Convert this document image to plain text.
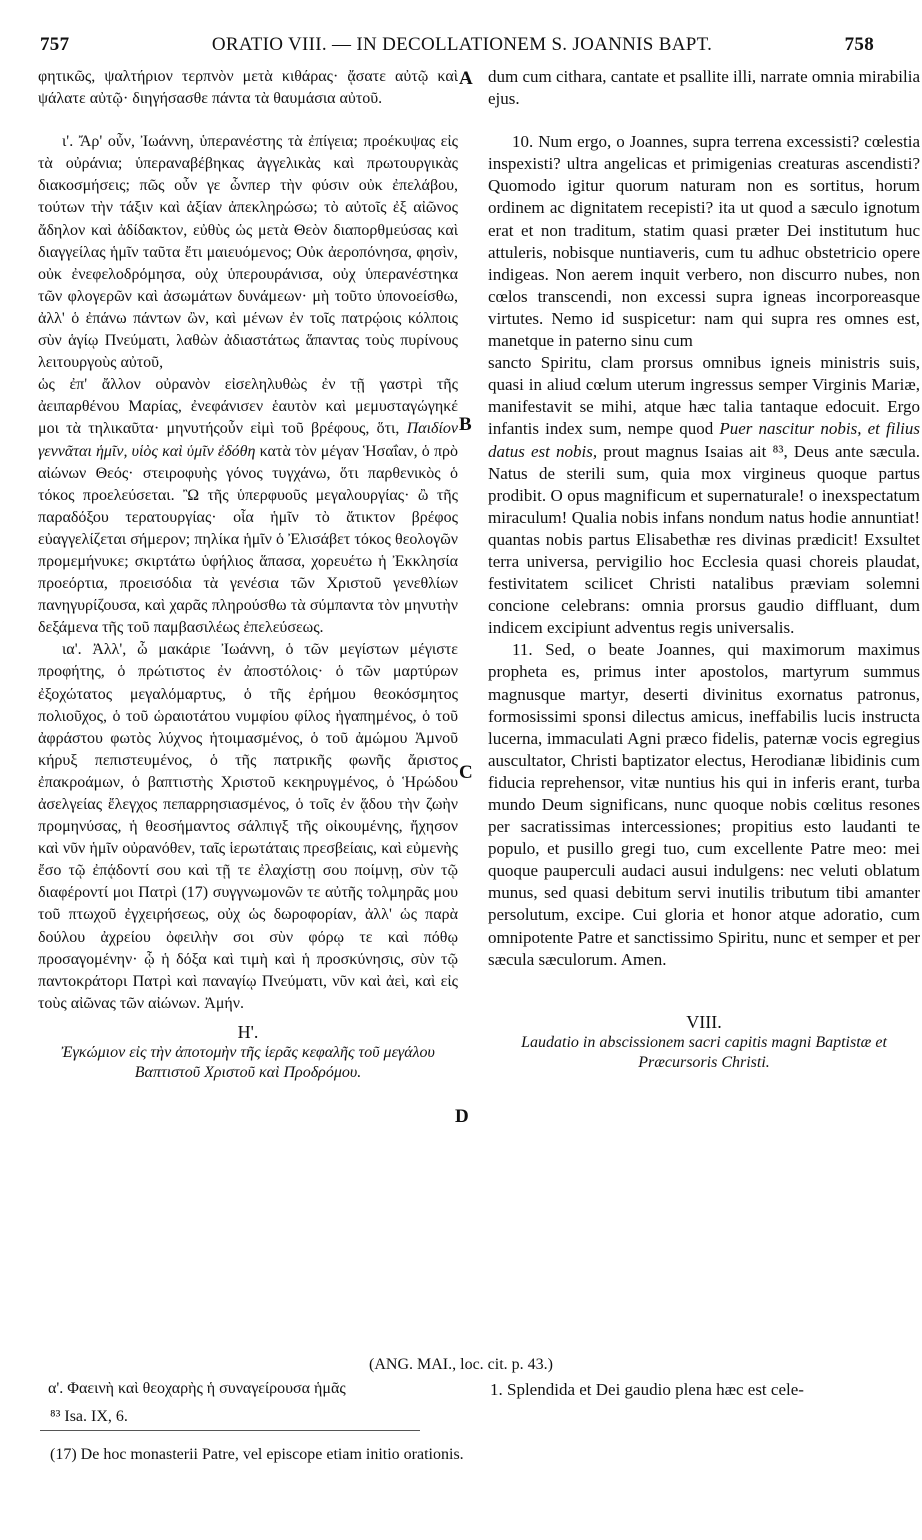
757	ORATIO VIII. — IN DECOLLATIONEM S. JOANNIS BAPT.	758
A
B
C
D

φητικῶς, ψαλτήριον τερπνὸν μετὰ κιθάρας· ᾄσατε αὐτῷ καὶ ψάλατε αὐτῷ· διηγήσασθε πάντα τὰ θαυμάσια αὐτοῦ.

ι'. Ἄρ' οὖν, Ἰωάννη, ὑπερανέστης τὰ ἐπίγεια; προέκυψας εἰς τὰ οὐράνια; ὑπεραναβέβηκας ἀγγελικὰς καὶ πρωτουργικὰς διακοσμήσεις; πῶς οὖν γε ὧνπερ τὴν φύσιν οὐκ ἐπελάβου, τούτων τὴν τάξιν καὶ ἀξίαν ἀπεκληρώσω; τὸ αὐτοῖς ἐξ αἰῶνος ἄδηλον καὶ ἀδίδακτον, εὐθὺς ὡς μετὰ Θεὸν διαπορθμεύσας καὶ διαγγείλας ἡμῖν ταῦτα ἔτι μαιευόμενος; Οὐκ ἀεροπόνησα, φησὶν, οὐκ ἐνεφελοδρόμησα, οὐχ ὑπερουράνισα, οὐχ ὑπερανέστηκα τῶν φλογερῶν καὶ ἀσωμάτων δυνάμεων· μὴ τοῦτο ὑπονοείσθω, ἀλλ' ὁ ἐπάνω πάντων ὢν, καὶ μένων ἐν τοῖς πατρῴοις κόλποις σὺν ἁγίῳ Πνεύματι, λαθὼν ἀδιαστάτως ἅπαντας τοὺς πυρίνους λειτουργοὺς αὐτοῦ,

ὡς ἐπ' ἄλλον οὐρανὸν εἰσεληλυθὼς ἐν τῇ γαστρὶ τῆς ἀειπαρθένου Μαρίας, ἐνεφάνισεν ἑαυτὸν καὶ μεμυσταγώγηκέ μοι τὰ τηλικαῦτα· μηνυτήςοὖν εἰμὶ τοῦ βρέφους, ὅτι, Παιδίον γεννᾶται ἡμῖν, υἱὸς καὶ ὑμῖν ἐδόθη κατὰ τὸν μέγαν Ἡσαΐαν, ὁ πρὸ αἰώνων Θεός· στειροφυὴς γόνος τυγχάνω, ὅτι παρθενικὸς ὁ τόκος προελεύσεται. Ὢ τῆς ὑπερφυοῦς μεγαλουργίας· ὢ τῆς παραδόξου τερατουργίας· οἷα ἡμῖν τὸ ἄτικτον βρέφος εὐαγγελίζεται σήμερον; πηλίκα ἡμῖν ὁ Ἐλισάβετ τόκος θεολογῶν προμεμήνυκε; σκιρτάτω ὑφήλιος ἅπασα, χορευέτω ἡ Ἐκκλησία προεόρτια, προεισόδια τὰ γενέσια τῶν Χριστοῦ γενεθλίων πανηγυρίζουσα, καὶ χαρᾶς πληρούσθω τὰ σύμπαντα τὸν μηνυτὴν δεξάμενα τῆς τοῦ παμβασιλέως ἐπελεύσεως.

ια'. Ἀλλ', ὦ μακάριε Ἰωάννη, ὁ τῶν μεγίστων μέγιστε προφήτης, ὁ πρώτιστος ἐν ἀποστόλοις· ὁ τῶν μαρτύρων ἐξοχώτατος μεγαλόμαρτυς, ὁ τῆς ἐρήμου θεοκόσμητος πολιοῦχος, ὁ τοῦ ὡραιοτάτου νυμφίου φίλος ἠγαπημένος, ὁ τοῦ ἀφράστου φωτὸς λύχνος ἡτοιμασμένος, ὁ τοῦ ἀμώμου Ἀμνοῦ κήρυξ πεπιστευμένος, ὁ τῆς πατρικῆς φωνῆς ἄριστος ἐπακροάμων, ὁ βαπτιστὴς Χριστοῦ κεκηρυγμένος, ὁ Ἡρώδου ἀσελγείας ἔλεγχος πεπαρρησιασμένος, ὁ τοῖς ἐν ᾅδου τὴν ζωὴν προμηνύσας, ἡ θεοσήμαντος σάλπιγξ τῆς οἰκουμένης, ἤχησον καὶ νῦν ἡμῖν οὐρανόθεν, ταῖς ἱερωτάταις πρεσβείαις, καὶ εὐμενὴς ἔσο τῷ ἐπᾴδοντί σου καὶ τῇ τε ἐλαχίστῃ σου ποίμνῃ, σὺν τῷ διαφέροντί μοι Πατρὶ (17) συγγνωμονῶν τε αὐτῆς τολμηρᾶς μου τοῦ πτωχοῦ ἐγχειρήσεως, οὐχ ὡς δωροφορίαν, ἀλλ' ὡς παρὰ δούλου ἀχρείου ὀφειλὴν σοι σὺν φόρῳ τε καὶ πόθῳ προσαγομένην· ᾧ ἡ δόξα καὶ τιμὴ καὶ ἡ προσκύνησις, σὺν τῷ παντοκράτορι Πατρὶ καὶ παναγίῳ Πνεύματι, νῦν καὶ ἀεὶ, καὶ εἰς τοὺς αἰῶνας τῶν αἰώνων. Ἀμήν.

Η'.

Ἐγκώμιον εἰς τὴν ἀποτομὴν τῆς ἱερᾶς κεφαλῆς τοῦ μεγάλου Βαπτιστοῦ Χριστοῦ καὶ Προδρόμου.

dum cum cithara, cantate et psallite illi, narrate omnia mirabilia ejus.

10. Num ergo, o Joannes, supra terrena excessisti? cœlestia inspexisti? ultra angelicas et primigenias creaturas ascendisti? Quomodo igitur quorum naturam non es sortitus, horum ordinem ac dignitatem recepisti? ita ut quod a sæculo ignotum erat et non traditum, statim quasi præter Dei institutum huc attuleris, nobisque nuntiaveris, cum tu adhuc obstetricio opere indigeas. Non aerem inquit verbero, non discurro nubes, non cœlos transcendi, non excessi supra igneas incorporeasque virtutes. Nemo id suspicetur: nam qui supra res omnes est, manetque in paterno sinu cum

sancto Spiritu, clam prorsus omnibus igneis ministris suis, quasi in aliud cœlum uterum ingressus semper Virginis Mariæ, manifestavit se mihi, atque hæc talia tantaque edocuit. Ergo infantis index sum, nempe quod Puer nascitur nobis, et filius datus est nobis, prout magnus Isaias ait ⁸³, Deus ante sæcula. Natus de sterili sum, quia mox virgineus quoque partus prodibit. O opus magnificum et supernaturale! o inexspectatum miraculum! Qualia nobis infans nondum natus hodie annuntiat! quantas nobis partus Elisabethæ res divinas prædicit! Exsultet terra universa, pervigilio hoc Ecclesia quasi choreis plaudat, festivitatem scilicet Christi natalibus præviam solemni concione celebrans: omnia prorsus gaudio diffluant, dum indicem excipiunt adventus regis universalis.

11. Sed, o beate Joannes, qui maximorum maximus propheta es, primus inter apostolos, martyrum summus magnusque martyr, deserti divinitus exornatus patronus, formosissimi sponsi dilectus amicus, ineffabilis lucis instructa lucerna, immaculati Agni præco fidelis, paternæ vocis egregius auscultator, Christi baptizator electus, Herodianæ libidinis cum fiducia reprehensor, vitæ nuntius his qui in inferis erant, turba mundo Deum significans, nunc quoque nobis cœlitus resones per sacratissimas intercessiones; propitius esto laudanti te populo, et pusillo gregi tuo, cum excellente Patre meo: mei quoque pauperculi audaci ausui indulgens: nec veluti oblatum munus, sed quasi debitum servi inutilis tributum tibi amanter persolutum, excipe. Cui gloria et honor atque adoratio, cum omnipotente Patre et sanctissimo Spiritu, nunc et semper et per sæcula sæculorum. Amen.

VIII.

Laudatio in abscissionem sacri capitis magni Baptistæ et Præcursoris Christi.

(ANG. MAI., loc. cit. p. 43.)
α'. Φαεινὴ καὶ θεοχαρὴς ἡ συναγείρουσα ἡμᾶς	1. Splendida et Dei gaudio plena hæc est cele-
⁸³ Isa. IX, 6.
(17) De hoc monasterii Patre, vel episcope etiam initio orationis.
